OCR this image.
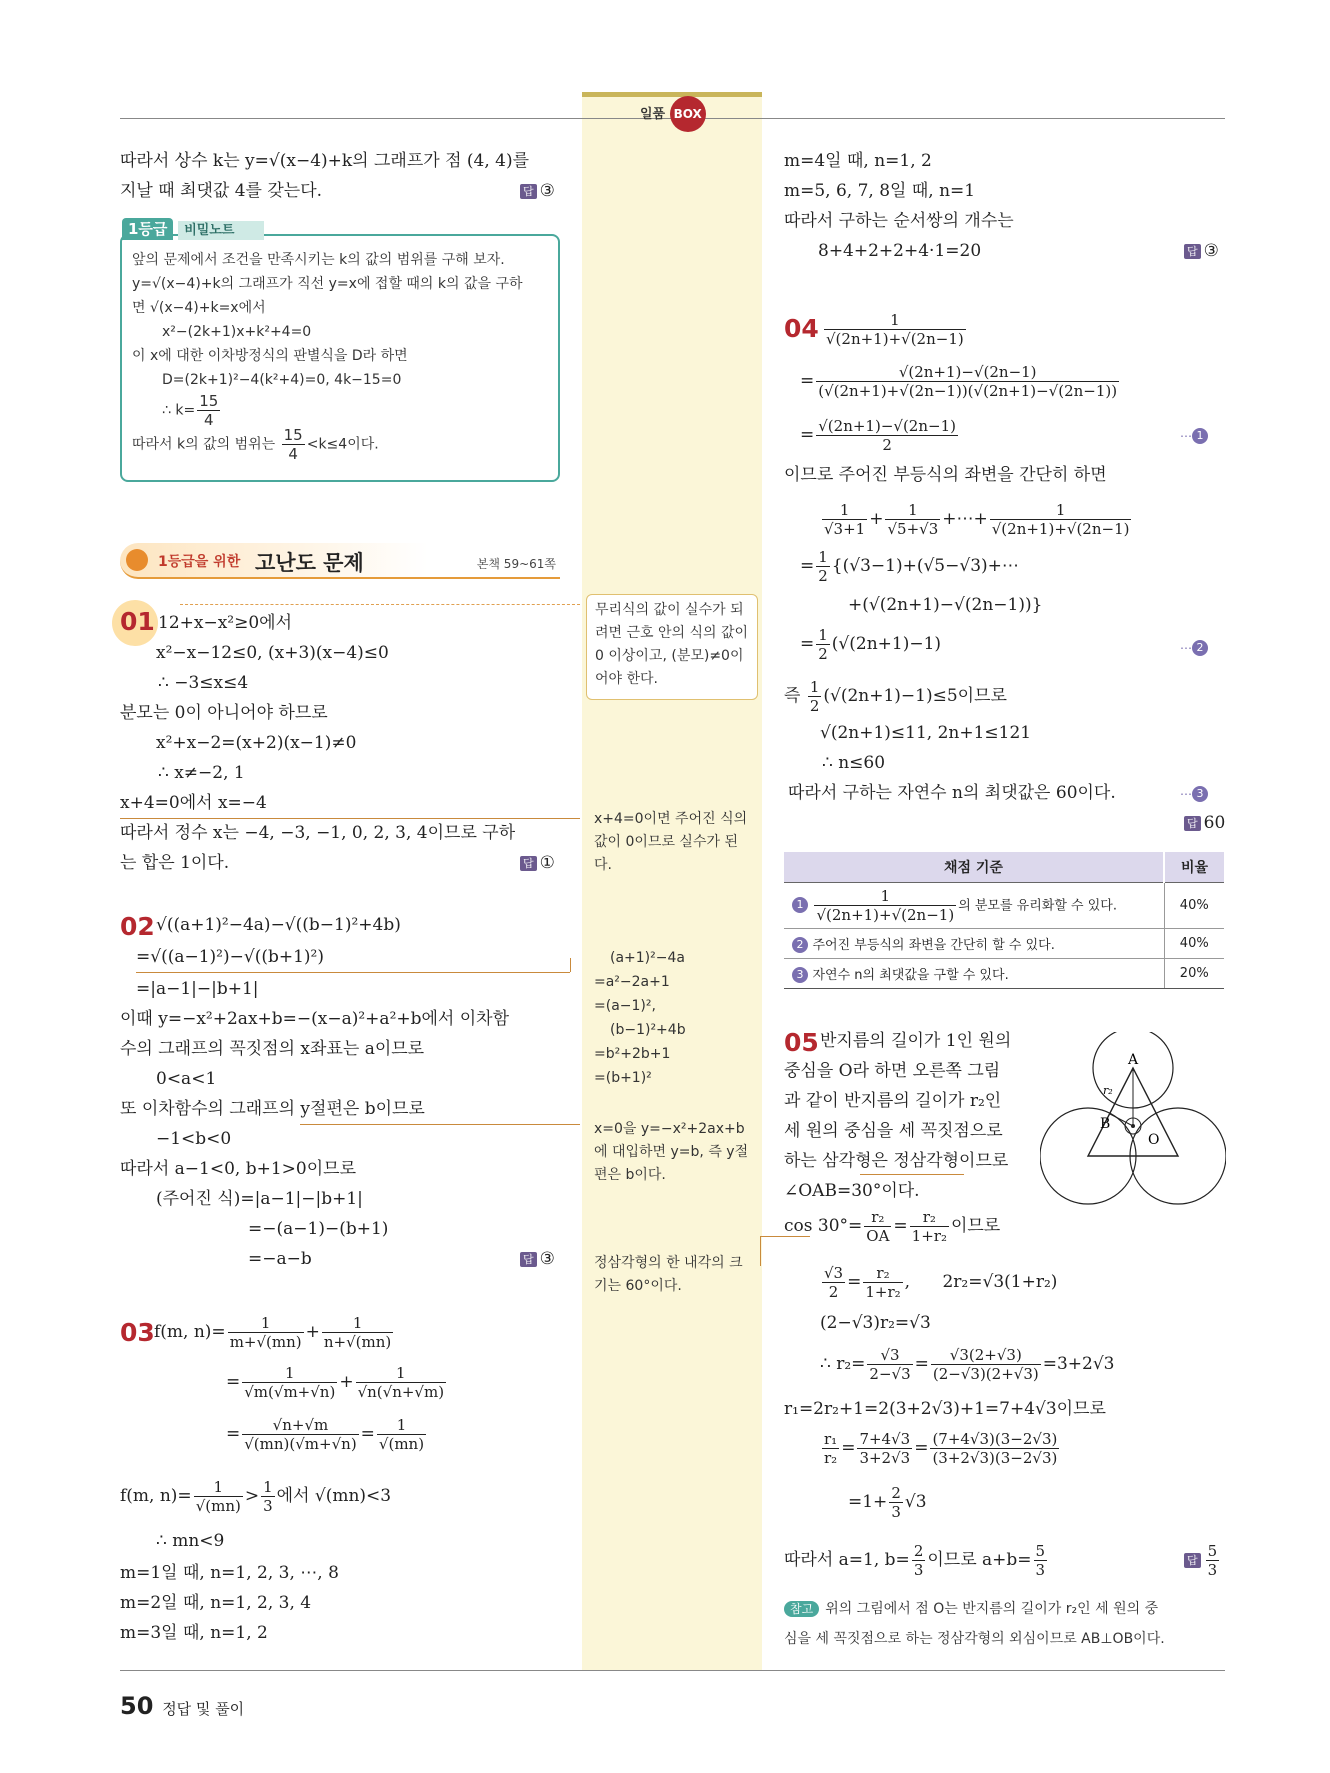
일품 BOX
따라서 상수 k는 y=√(x−4)+k의 그래프가 점 (4, 4)를
지날 때 최댓값 4를 갖는다.	답 ③
1등급 비밀노트
앞의 문제에서 조건을 만족시키는 k의 값의 범위를 구해 보자.
y=√(x−4)+k의 그래프가 직선 y=x에 접할 때의 k의 값을 구하
면 √(x−4)+k=x에서
x²−(2k+1)x+k²+4=0
이 x에 대한 이차방정식의 판별식을 D라 하면
D=(2k+1)²−4(k²+4)=0, 4k−15=0
∴ $k= \frac{15}{4}$
따라서 k의 값의 범위는 $\frac{15}{4} <k\le 4$이다.
1등급을 위한 고난도 문제	본책 59~61쪽
01 12+x−x²≥0에서
x²−x−12≤0, (x+3)(x−4)≤0
∴ −3≤x≤4
분모는 0이 아니어야 하므로
x²+x−2=(x+2)(x−1)≠0
∴ x≠−2, 1
x+4=0에서 x=−4
따라서 정수 x는 −4, −3, −1, 0, 2, 3, 4이므로 구하
는 합은 1이다.	답 ①
02 √((a+1)²−4a)−√((b−1)²+4b)
=√((a−1)²)−√((b+1)²)
=|a−1|−|b+1|
이때 y=−x²+2ax+b=−(x−a)²+a²+b에서 이차함
수의 그래프의 꼭짓점의 x좌표는 a이므로
0<a<1
또 이차함수의 그래프의 y절편은 b이므로
−1<b<0
따라서 a−1<0, b+1>0이므로
(주어진 식)=|a−1|−|b+1|
=−(a−1)−(b+1)
=−a−b	답 ③
03 f(m, $n)= \frac{1}{m+√(mn)} + \frac{1}{n+√(mn)}$
= $\frac{1}{√m(√m+√n)} + \frac{1}{√n(√n+√m)}$
= $\frac{√n+√m}{√(mn)(√m+√n)} = \frac{1}{√(mn)}$
f(m, $n)= \frac{1}{√(mn)} > \frac{1}{3}$ 에서 √(mn)<3
∴ mn<9
m=1일 때, n=1, 2, 3, ⋯, 8
m=2일 때, n=1, 2, 3, 4
m=3일 때, n=1, 2
무리식의 값이 실수가 되려면 근호 안의 식의 값이 0 이상이고, (분모)≠0이어야 한다.
x+4=0이면 주어진 식의 값이 0이므로 실수가 된다.
(a+1)²−4a
=a²−2a+1
=(a−1)²,
(b−1)²+4b
=b²+2b+1
=(b+1)²
x=0을 y=−x²+2ax+b에 대입하면 y=b, 즉 y절편은 b이다.
정삼각형의 한 내각의 크기는 60°이다.
m=4일 때, n=1, 2
m=5, 6, 7, 8일 때, n=1
따라서 구하는 순서쌍의 개수는
8+4+2+2+4·1=20	답 ③
$04 \frac{1}{√(2n+1)+√(2n-1)}$
= $\frac{√(2n+1)-√(2n-1)}{(√(2n+1)+√(2n-1))(√(2n+1)-√(2n-1))}$
= $\frac{√(2n+1)-√(2n-1)}{2}$	⋯ 1
이므로 주어진 부등식의 좌변을 간단히 하면
$\frac{1}{√3+1} + \frac{1}{√5+√3}$ +⋯+ $\frac{1}{√(2n+1)+√(2n-1)}$
= $\frac{1}{2}$ {(√3−1)+(√5−√3)+⋯
+(√(2n+1)−√(2n−1))}
= $\frac{1}{2} (√(2n+1)-1)$	⋯ 2
즉 $\frac{1}{2} (√(2n+1)-1)\le 5$이므로
√(2n+1)≤11, 2n+1≤121
∴ n≤60
따라서 구하는 자연수 n의 최댓값은 60이다.	⋯ 3
답 60
채점 기준	비율
$1 \frac{1}{√(2n+1)+√(2n-1)}$ 의 분모를 유리화할 수 있다.	40%
2 주어진 부등식의 좌변을 간단히 할 수 있다.	40%
3 자연수 n의 최댓값을 구할 수 있다.	20%
05 반지름의 길이가 1인 원의
중심을 O라 하면 오른쪽 그림
과 같이 반지름의 길이가 r₂인
세 원의 중심을 세 꼭짓점으로
하는 삼각형은 정삼각형이므로
∠OAB=30°이다.
A
B
O
r₂
$\cos 30^\circ= \frac{\text{r₂}}{OA} = \frac{\text{r₂}}{\text{1+r₂}}$ 이므로
$\frac{√3}{2} = \frac{\text{r₂}}{\text{1+r₂}}$ ,      2r₂=√3(1+r₂)
(2−√3)r₂=√3
∴ $r_2= \frac{√3}{2-√3} = \frac{√3(2+√3)}{(2-√3)(2+√3)} =3+2√3$
r₁=2r₂+1=2(3+2√3)+1=7+4√3이므로
$\frac{\text{r₁}}{\text{r₂}} = \frac{7+4√3}{3+2√3} = \frac{(7+4√3)(3-2√3)}{(3+2√3)(3-2√3)}$
$=1+ \frac{2}{3} √3$
따라서 a=1, $b= \frac{2}{3}$ 이므로 $a+b= \frac{5}{3}$	답 $\frac{5}{3}$
참고 위의 그림에서 점 O는 반지름의 길이가 r₂인 세 원의 중
심을 세 꼭짓점으로 하는 정삼각형의 외심이므로 AB⊥OB이다.
50 정답 및 풀이
